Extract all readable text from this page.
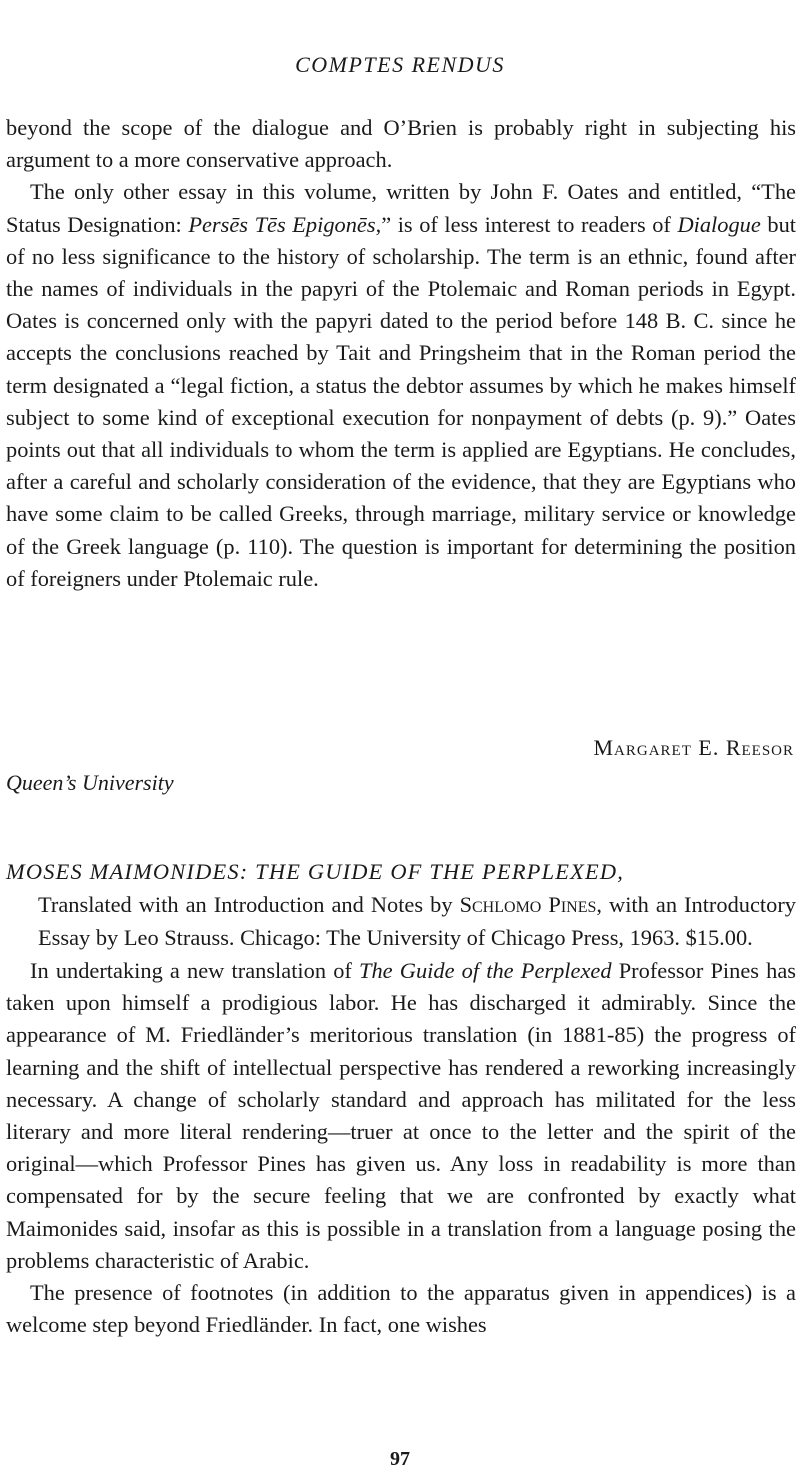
COMPTES RENDUS

beyond the scope of the dialogue and O’Brien is probably right in subjecting his argument to a more conservative approach.

The only other essay in this volume, written by John F. Oates and entitled, “The Status Designation: Persēs Tēs Epigonēs,” is of less interest to readers of Dialogue but of no less significance to the history of scholarship. The term is an ethnic, found after the names of individuals in the papyri of the Ptolemaic and Roman periods in Egypt. Oates is concerned only with the papyri dated to the period before 148 B. C. since he accepts the conclusions reached by Tait and Pringsheim that in the Roman period the term designated a “legal fiction, a status the debtor assumes by which he makes himself subject to some kind of exceptional execution for nonpayment of debts (p. 9).” Oates points out that all individuals to whom the term is applied are Egyptians. He concludes, after a careful and scholarly consideration of the evidence, that they are Egyptians who have some claim to be called Greeks, through marriage, military service or knowledge of the Greek language (p. 110). The question is important for determining the position of foreigners under Ptolemaic rule.

Margaret E. Reesor
Queen’s University
MOSES MAIMONIDES: THE GUIDE OF THE PERPLEXED,
Translated with an Introduction and Notes by Schlomo Pines, with an Introductory Essay by Leo Strauss. Chicago: The University of Chicago Press, 1963. $15.00.

In undertaking a new translation of The Guide of the Perplexed Professor Pines has taken upon himself a prodigious labor. He has discharged it admirably. Since the appearance of M. Friedländer’s meritorious translation (in 1881-85) the progress of learning and the shift of intellectual perspective has rendered a reworking increasingly necessary. A change of scholarly standard and approach has militated for the less literary and more literal rendering—truer at once to the letter and the spirit of the original—which Professor Pines has given us. Any loss in readability is more than compensated for by the secure feeling that we are confronted by exactly what Maimonides said, insofar as this is possible in a translation from a language posing the problems characteristic of Arabic.

The presence of footnotes (in addition to the apparatus given in appendices) is a welcome step beyond Friedländer. In fact, one wishes

97
